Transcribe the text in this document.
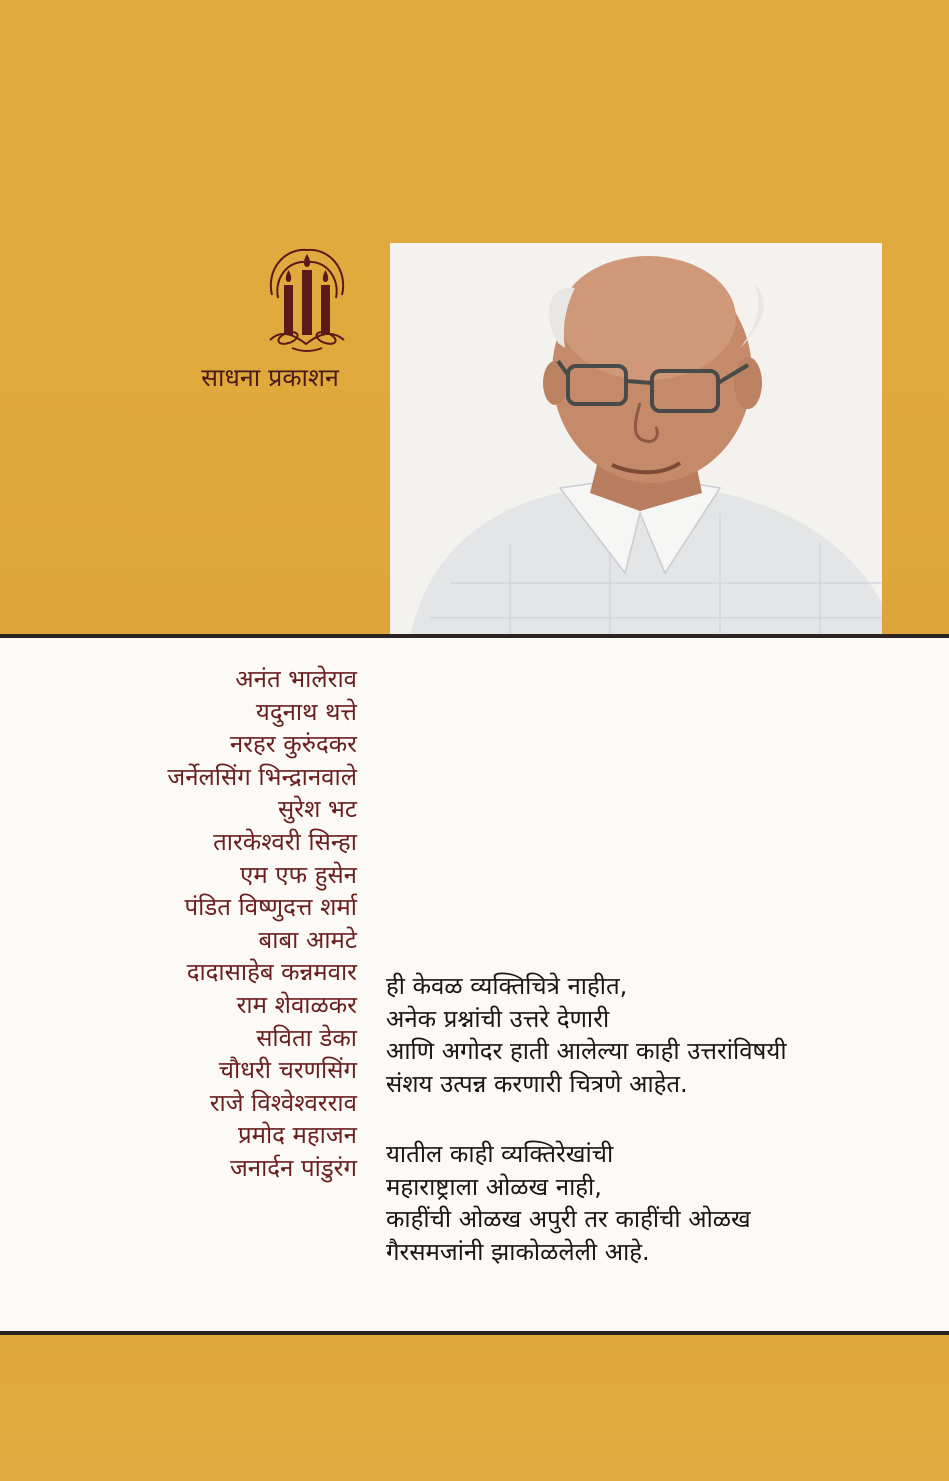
साधना प्रकाशन
अनंत भालेराव
यदुनाथ थत्ते
नरहर कुरुंदकर
जर्नेलसिंग भिन्द्रानवाले
सुरेश भट
तारकेश्वरी सिन्हा
एम एफ हुसेन
पंडित विष्णुदत्त शर्मा
बाबा आमटे
दादासाहेब कन्नमवार
राम शेवाळकर
सविता डेका
चौधरी चरणसिंग
राजे विश्वेश्वरराव
प्रमोद महाजन
जनार्दन पांडुरंग

ही केवळ व्यक्तिचित्रे नाहीत,
अनेक प्रश्नांची उत्तरे देणारी
आणि अगोदर हाती आलेल्या काही उत्तरांविषयी
संशय उत्पन्न करणारी चित्रणे आहेत.

यातील काही व्यक्तिरेखांची
महाराष्ट्राला ओळख नाही,
काहींची ओळख अपुरी तर काहींची ओळख
गैरसमजांनी झाकोळलेली आहे.
